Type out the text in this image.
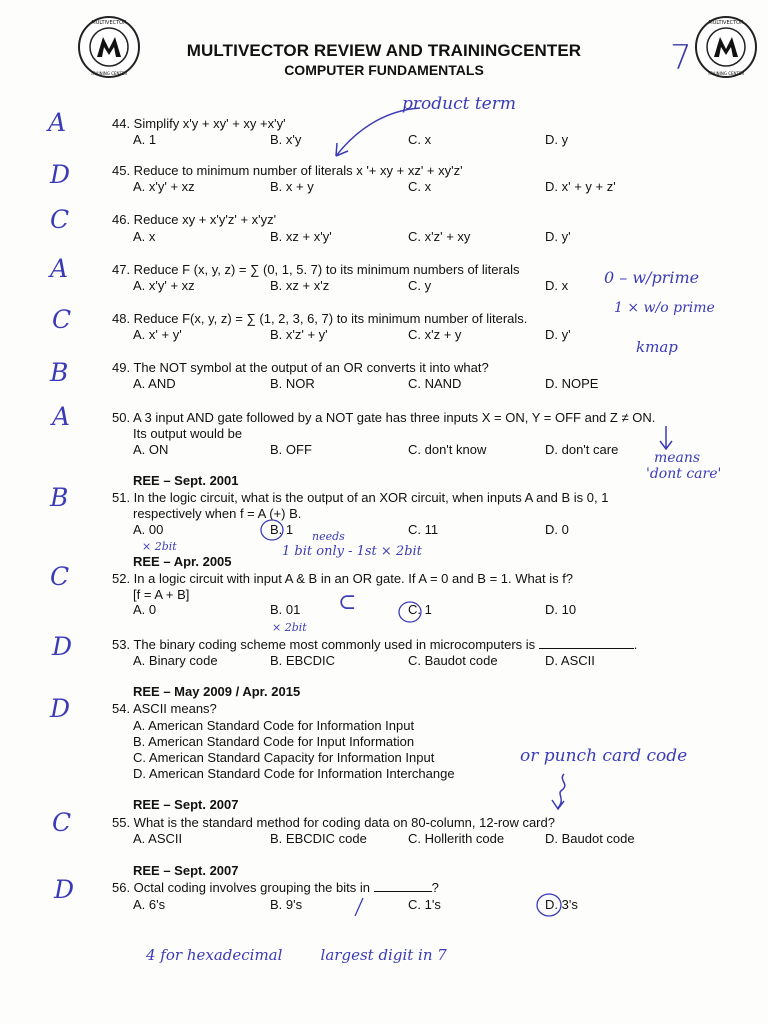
MULTIVECTOR
TRAINING CENTER
MULTIVECTOR
TRAINING CENTER
MULTIVECTOR REVIEW AND TRAININGCENTER
COMPUTER FUNDAMENTALS	7
A	44. Simplify x'y + xy' + xy +x'y'
A. 1	B. x'y	C. x	D. y
D	45. Reduce to minimum number of literals x '+ xy + xz' + xy'z'
A. x'y' + xz	B. x + y	C. x	D. x' + y + z'
C	46. Reduce xy + x'y'z' + x'yz'
A. x	B. xz + x'y'	C. x'z' + xy	D. y'
A	47. Reduce F (x, y, z) = ∑ (0, 1, 5. 7) to its minimum numbers of literals
A. x'y' + xz	B. xz + x'z	C. y	D. x
C	48. Reduce F(x, y, z) = ∑ (1, 2, 3, 6, 7) to its minimum number of literals.
A. x' + y'	B. x'z' + y'	C. x'z + y	D. y'
B	49. The NOT symbol at the output of an OR converts it into what?
A. AND	B. NOR	C. NAND	D. NOPE
A	50. A 3 input AND gate followed by a NOT gate has three inputs X = ON, Y = OFF and Z ≠ ON.
Its output would be
A. ON	B. OFF	C. don't know	D. don't care
REE – Sept. 2001
B	51. In the logic circuit, what is the output of an XOR circuit, when inputs A and B is 0, 1
respectively when f = A (+) B.
A. 00	B. 1	C. 11	D. 0
REE – Apr. 2005
C	52. In a logic circuit with input A & B in an OR gate. If A = 0 and B = 1. What is f?
[f = A + B]
A. 0	B. 01	C. 1	D. 10
D	53. The binary coding scheme most commonly used in microcomputers is	.
A. Binary code	B. EBCDIC	C. Baudot code	D. ASCII
REE – May 2009 / Apr. 2015
D	54. ASCII means?
A. American Standard Code for Information Input
B. American Standard Code for Input Information
C. American Standard Capacity for Information Input
D. American Standard Code for Information Interchange
REE – Sept. 2007
C	55. What is the standard method for coding data on 80-column, 12-row card?
A. ASCII	B. EBCDIC code	C. Hollerith code	D. Baudot code
REE – Sept. 2007
D	56. Octal coding involves grouping the bits in	?
A. 6's	B. 9's	C. 1's	D. 3's
product term
0 – w/prime
1 × w/o prime
kmap
means
'dont care'
needs
1 bit only - 1st × 2bit
× 2bit
⊂
× 2bit
or punch card code
4 for hexadecimal        largest digit in 7
